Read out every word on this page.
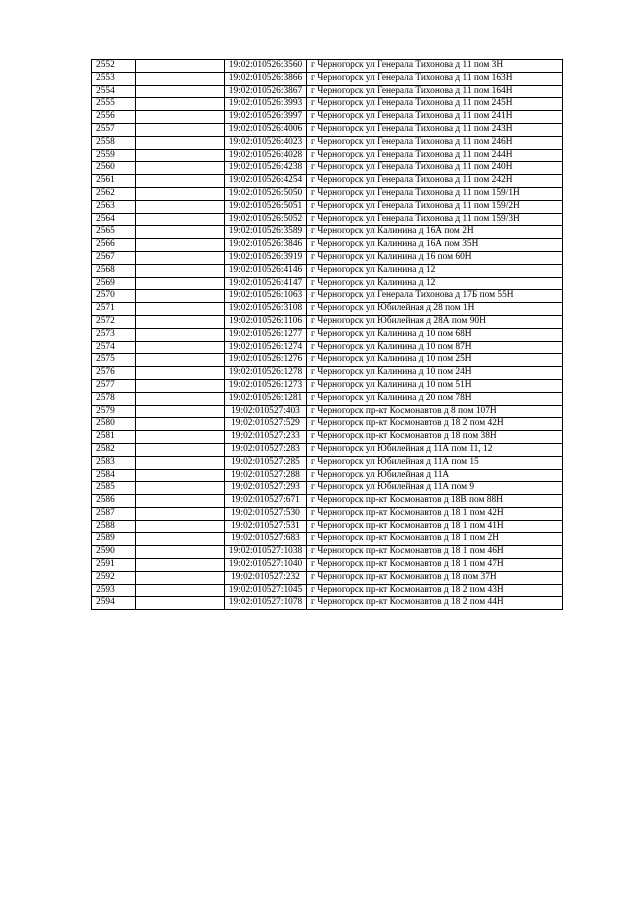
2552		19:02:010526:3560	г Черногорск ул Генерала Тихонова д 11 пом 3Н
2553		19:02:010526:3866	г Черногорск ул Генерала Тихонова д 11 пом 163Н
2554		19:02:010526:3867	г Черногорск ул Генерала Тихонова д 11 пом 164Н
2555		19:02:010526:3993	г Черногорск ул Генерала Тихонова д 11 пом 245Н
2556		19:02:010526:3997	г Черногорск ул Генерала Тихонова д 11 пом 241Н
2557		19:02:010526:4006	г Черногорск ул Генерала Тихонова д 11 пом 243Н
2558		19:02:010526:4023	г Черногорск ул Генерала Тихонова д 11 пом 246Н
2559		19:02:010526:4028	г Черногорск ул Генерала Тихонова д 11 пом 244Н
2560		19:02:010526:4238	г Черногорск ул Генерала Тихонова д 11 пом 240Н
2561		19:02:010526:4254	г Черногорск ул Генерала Тихонова д 11 пом 242Н
2562		19:02:010526:5050	г Черногорск ул Генерала Тихонова д 11 пом 159/1Н
2563		19:02:010526:5051	г Черногорск ул Генерала Тихонова д 11 пом 159/2Н
2564		19:02:010526:5052	г Черногорск ул Генерала Тихонова д 11 пом 159/3Н
2565		19:02:010526:3589	г Черногорск ул Калинина д 16А пом 2Н
2566		19:02:010526:3846	г Черногорск ул Калинина д 16А пом 35Н
2567		19:02:010526:3919	г Черногорск ул Калинина д 16 пом 60Н
2568		19:02:010526:4146	г Черногорск ул Калинина д 12
2569		19:02:010526:4147	г Черногорск ул Калинина д 12
2570		19:02:010526:1063	г Черногорск ул Генерала Тихонова д 17Б пом 55Н
2571		19:02:010526:3108	г Черногорск ул Юбилейная д 28 пом 1Н
2572		19:02:010526:1106	г Черногорск ул Юбилейная д 28А пом 90Н
2573		19:02:010526:1277	г Черногорск ул Калинина д 10 пом 68Н
2574		19:02:010526:1274	г Черногорск ул Калинина д 10 пом 87Н
2575		19:02:010526:1276	г Черногорск ул Калинина д 10 пом 25Н
2576		19:02:010526:1278	г Черногорск ул Калинина д 10 пом 24Н
2577		19:02:010526:1273	г Черногорск ул Калинина д 10 пом 51Н
2578		19:02:010526:1281	г Черногорск ул Калинина д 20 пом 78Н
2579		19:02:010527:403	г Черногорск пр-кт Космонавтов д 8 пом 107Н
2580		19:02:010527:529	г Черногорск пр-кт Космонавтов д 18 2 пом 42Н
2581		19:02:010527:233	г Черногорск пр-кт Космонавтов д 18 пом 38Н
2582		19:02:010527:283	г Черногорск ул Юбилейная д 11А пом 11, 12
2583		19:02:010527:285	г Черногорск ул Юбилейная д 11А пом 15
2584		19:02:010527:288	г Черногорск ул Юбилейная д 11А
2585		19:02:010527:293	г Черногорск ул Юбилейная д 11А пом 9
2586		19:02:010527:671	г Черногорск пр-кт Космонавтов д 18В пом 88Н
2587		19:02:010527:530	г Черногорск пр-кт Космонавтов д 18 1 пом 42Н
2588		19:02:010527:531	г Черногорск пр-кт Космонавтов д 18 1 пом 41Н
2589		19:02:010527:683	г Черногорск пр-кт Космонавтов д 18 1 пом 2Н
2590		19:02:010527:1038	г Черногорск пр-кт Космонавтов д 18 1 пом 46Н
2591		19:02:010527:1040	г Черногорск пр-кт Космонавтов д 18 1 пом 47Н
2592		19:02:010527:232	г Черногорск пр-кт Космонавтов д 18 пом 37Н
2593		19:02:010527:1045	г Черногорск пр-кт Космонавтов д 18 2 пом 43Н
2594		19:02:010527:1078	г Черногорск пр-кт Космонавтов д 18 2 пом 44Н
